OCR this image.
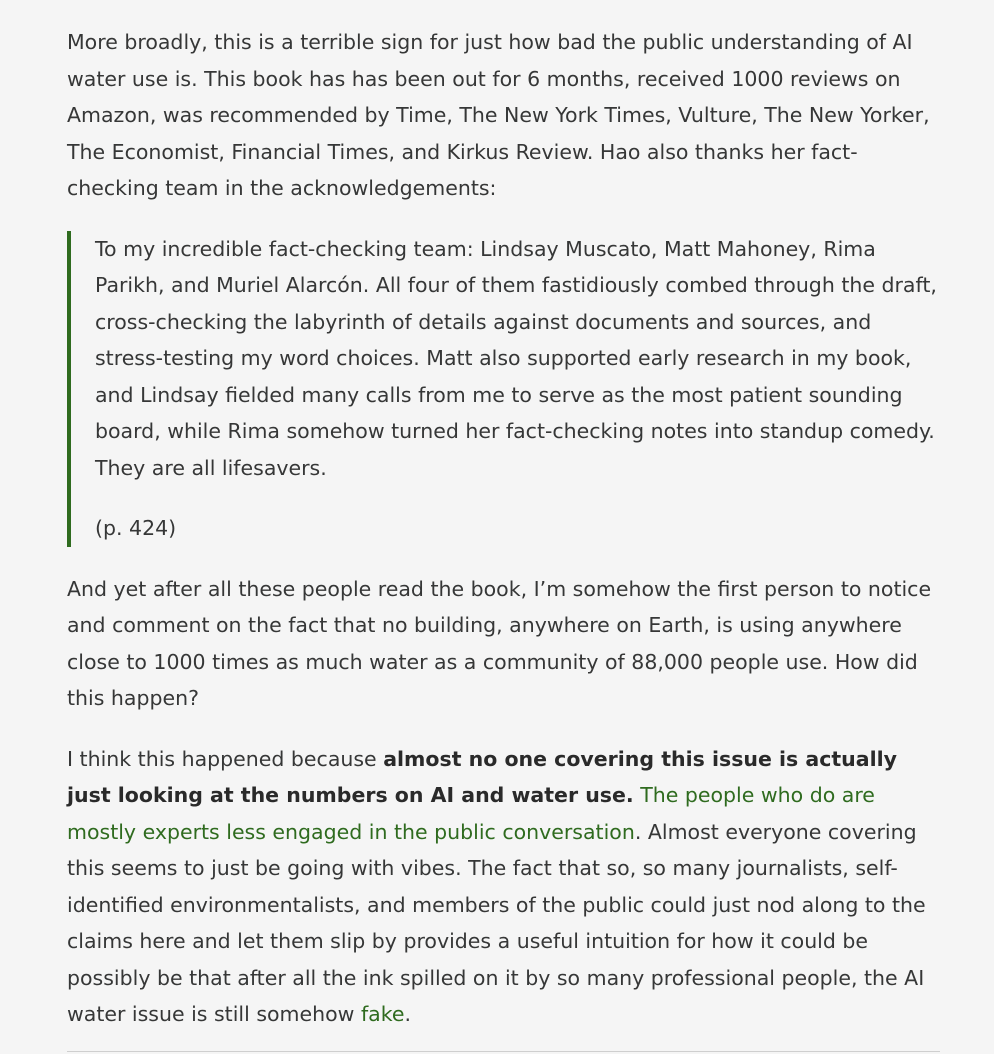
More broadly, this is a terrible sign for just how bad the public understanding of AI water use is. This book has has been out for 6 months, received 1000 reviews on Amazon, was recommended by Time, The New York Times, Vulture, The New Yorker, The Economist, Financial Times, and Kirkus Review. Hao also thanks her fact-checking team in the acknowledgements:

To my incredible fact-checking team: Lindsay Muscato, Matt Mahoney, Rima Parikh, and Muriel Alarcón. All four of them fastidiously combed through the draft, cross-checking the labyrinth of details against documents and sources, and stress-testing my word choices. Matt also supported early research in my book, and Lindsay fielded many calls from me to serve as the most patient sounding board, while Rima somehow turned her fact-checking notes into standup comedy. They are all lifesavers.

(p. 424)

And yet after all these people read the book, I’m somehow the first person to notice and comment on the fact that no building, anywhere on Earth, is using anywhere close to 1000 times as much water as a community of 88,000 people use. How did this happen?

I think this happened because almost no one covering this issue is actually just looking at the numbers on AI and water use. The people who do are mostly experts less engaged in the public conversation. Almost everyone covering this seems to just be going with vibes. The fact that so, so many journalists, self-identified environmentalists, and members of the public could just nod along to the claims here and let them slip by provides a useful intuition for how it could be possibly be that after all the ink spilled on it by so many professional people, the AI water issue is still somehow fake.
